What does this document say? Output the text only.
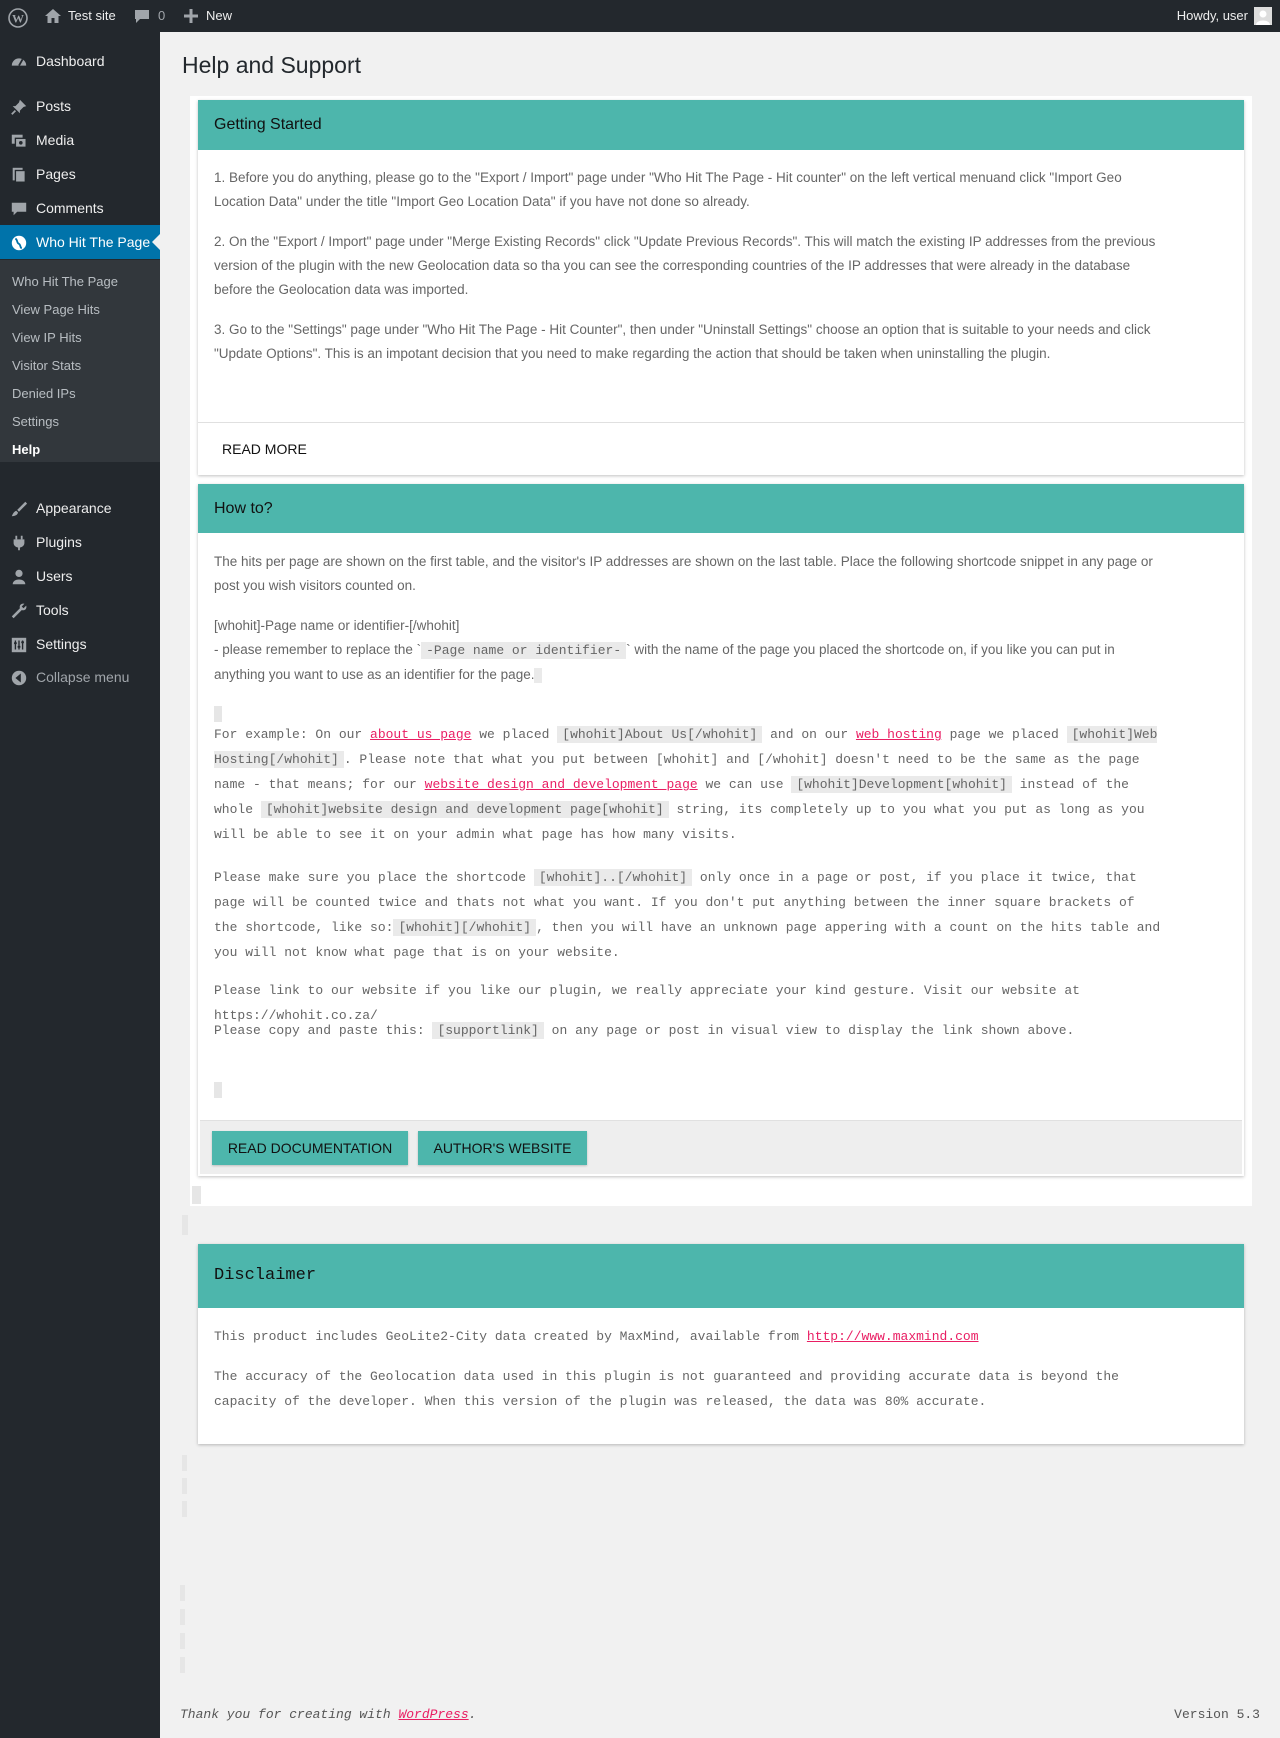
W	Test site	0	New	Howdy, user
Dashboard
Posts
Media
Pages
Comments
Who Hit The Page
Who Hit The Page
View Page Hits
View IP Hits
Visitor Stats
Denied IPs
Settings
Help
Appearance
Plugins
Users
Tools
Settings
Collapse menu
Help and Support
Getting Started
1. Before you do anything, please go to the "Export / Import" page under "Who Hit The Page - Hit counter" on the left vertical menuand click "Import Geo Location Data" under the title "Import Geo Location Data" if you have not done so already.
2. On the "Export / Import" page under "Merge Existing Records" click "Update Previous Records". This will match the existing IP addresses from the previous version of the plugin with the new Geolocation data so tha you can see the corresponding countries of the IP addresses that were already in the database before the Geolocation data was imported.
3. Go to the "Settings" page under "Who Hit The Page - Hit Counter", then under "Uninstall Settings" choose an option that is suitable to your needs and click "Update Options". This is an impotant decision that you need to make regarding the action that should be taken when uninstalling the plugin.
READ MORE
How to?
The hits per page are shown on the first table, and the visitor's IP addresses are shown on the last table. Place the following shortcode snippet in any page or post you wish visitors counted on.
[whohit]-Page name or identifier-[/whohit]
- please remember to replace the ` -Page name or identifier- ` with the name of the page you placed the shortcode on, if you like you can put in anything you want to use as an identifier for the page.
For example: On our about us page we placed [whohit]About Us[/whohit] and on our web hosting page we placed [whohit]Web Hosting[/whohit] . Please note that what you put between [whohit] and [/whohit] doesn't need to be the same as the page name - that means; for our website design and development page we can use [whohit]Development[whohit] instead of the whole [whohit]website design and development page[whohit] string, its completely up to you what you put as long as you will be able to see it on your admin what page has how many visits.
Please make sure you place the shortcode [whohit]..[/whohit] only once in a page or post, if you place it twice, that page will be counted twice and thats not what you want. If you don't put anything between the inner square brackets of the shortcode, like so: [whohit][/whohit] , then you will have an unknown page appering with a count on the hits table and you will not know what page that is on your website.
Please link to our website if you like our plugin, we really appreciate your kind gesture. Visit our website at https://whohit.co.za/
Please copy and paste this: [supportlink] on any page or post in visual view to display the link shown above.
READ DOCUMENTATION	AUTHOR'S WEBSITE
Disclaimer
This product includes GeoLite2-City data created by MaxMind, available from http://www.maxmind.com
The accuracy of the Geolocation data used in this plugin is not guaranteed and providing accurate data is beyond the capacity of the developer. When this version of the plugin was released, the data was 80% accurate.
Thank you for creating with WordPress.	Version 5.3
